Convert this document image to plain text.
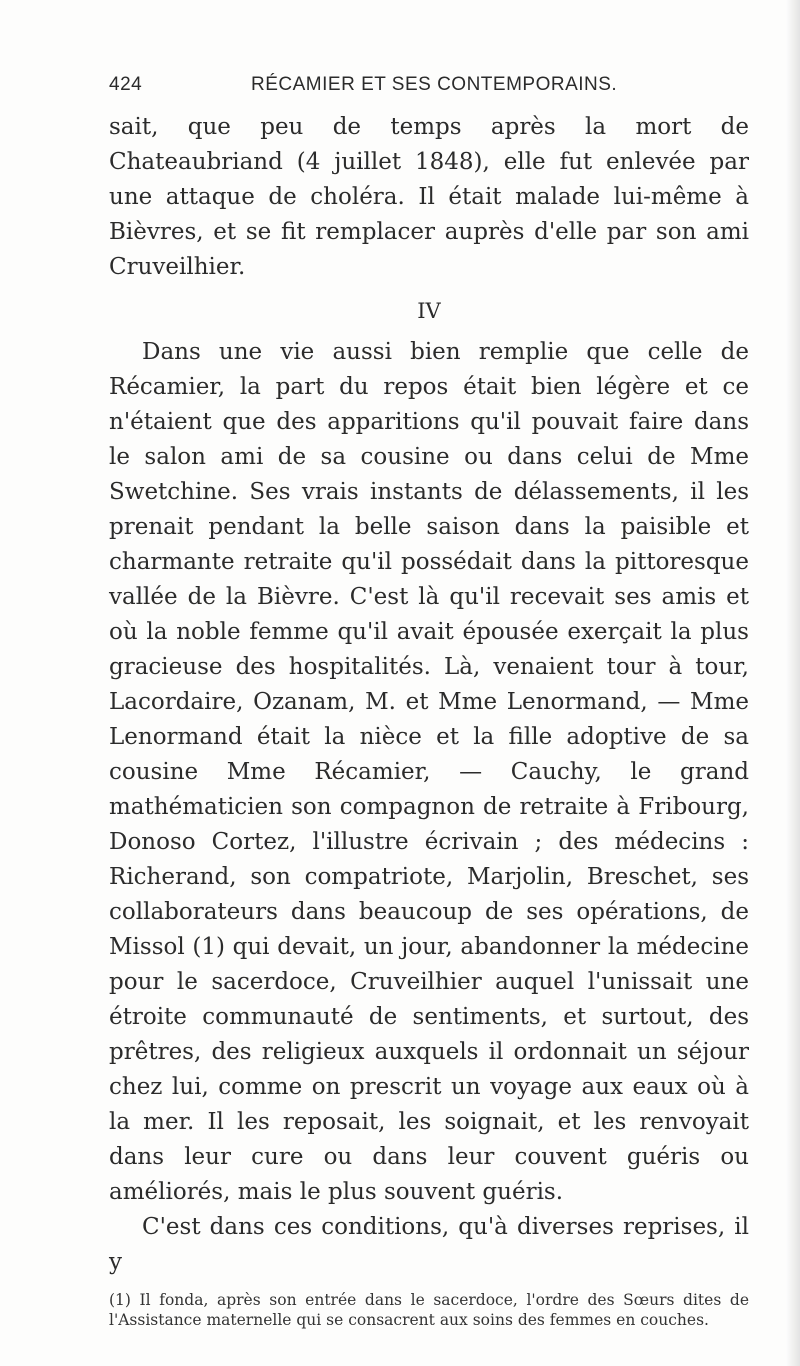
424	RÉCAMIER ET SES CONTEMPORAINS.

sait, que peu de temps après la mort de Chateaubriand (4 juillet 1848), elle fut enlevée par une attaque de choléra. Il était malade lui-même à Bièvres, et se fit remplacer auprès d'elle par son ami Cruveilhier.

IV

Dans une vie aussi bien remplie que celle de Récamier, la part du repos était bien légère et ce n'étaient que des apparitions qu'il pouvait faire dans le salon ami de sa cousine ou dans celui de Mme Swetchine. Ses vrais instants de délassements, il les prenait pendant la belle saison dans la paisible et charmante retraite qu'il possédait dans la pittoresque vallée de la Bièvre. C'est là qu'il recevait ses amis et où la noble femme qu'il avait épousée exerçait la plus gracieuse des hospitalités. Là, venaient tour à tour, Lacordaire, Ozanam, M. et Mme Lenormand, — Mme Lenormand était la nièce et la fille adoptive de sa cousine Mme Récamier, — Cauchy, le grand mathématicien son compagnon de retraite à Fribourg, Donoso Cortez, l'illustre écrivain ; des médecins : Richerand, son compatriote, Marjolin, Breschet, ses collaborateurs dans beaucoup de ses opérations, de Missol (1) qui devait, un jour, abandonner la médecine pour le sacerdoce, Cruveilhier auquel l'unissait une étroite communauté de sentiments, et surtout, des prêtres, des religieux auxquels il ordonnait un séjour chez lui, comme on prescrit un voyage aux eaux où à la mer. Il les reposait, les soignait, et les renvoyait dans leur cure ou dans leur couvent guéris ou améliorés, mais le plus souvent guéris.

C'est dans ces conditions, qu'à diverses reprises, il y

(1) Il fonda, après son entrée dans le sacerdoce, l'ordre des Sœurs dites de l'Assistance maternelle qui se consacrent aux soins des femmes en couches.
